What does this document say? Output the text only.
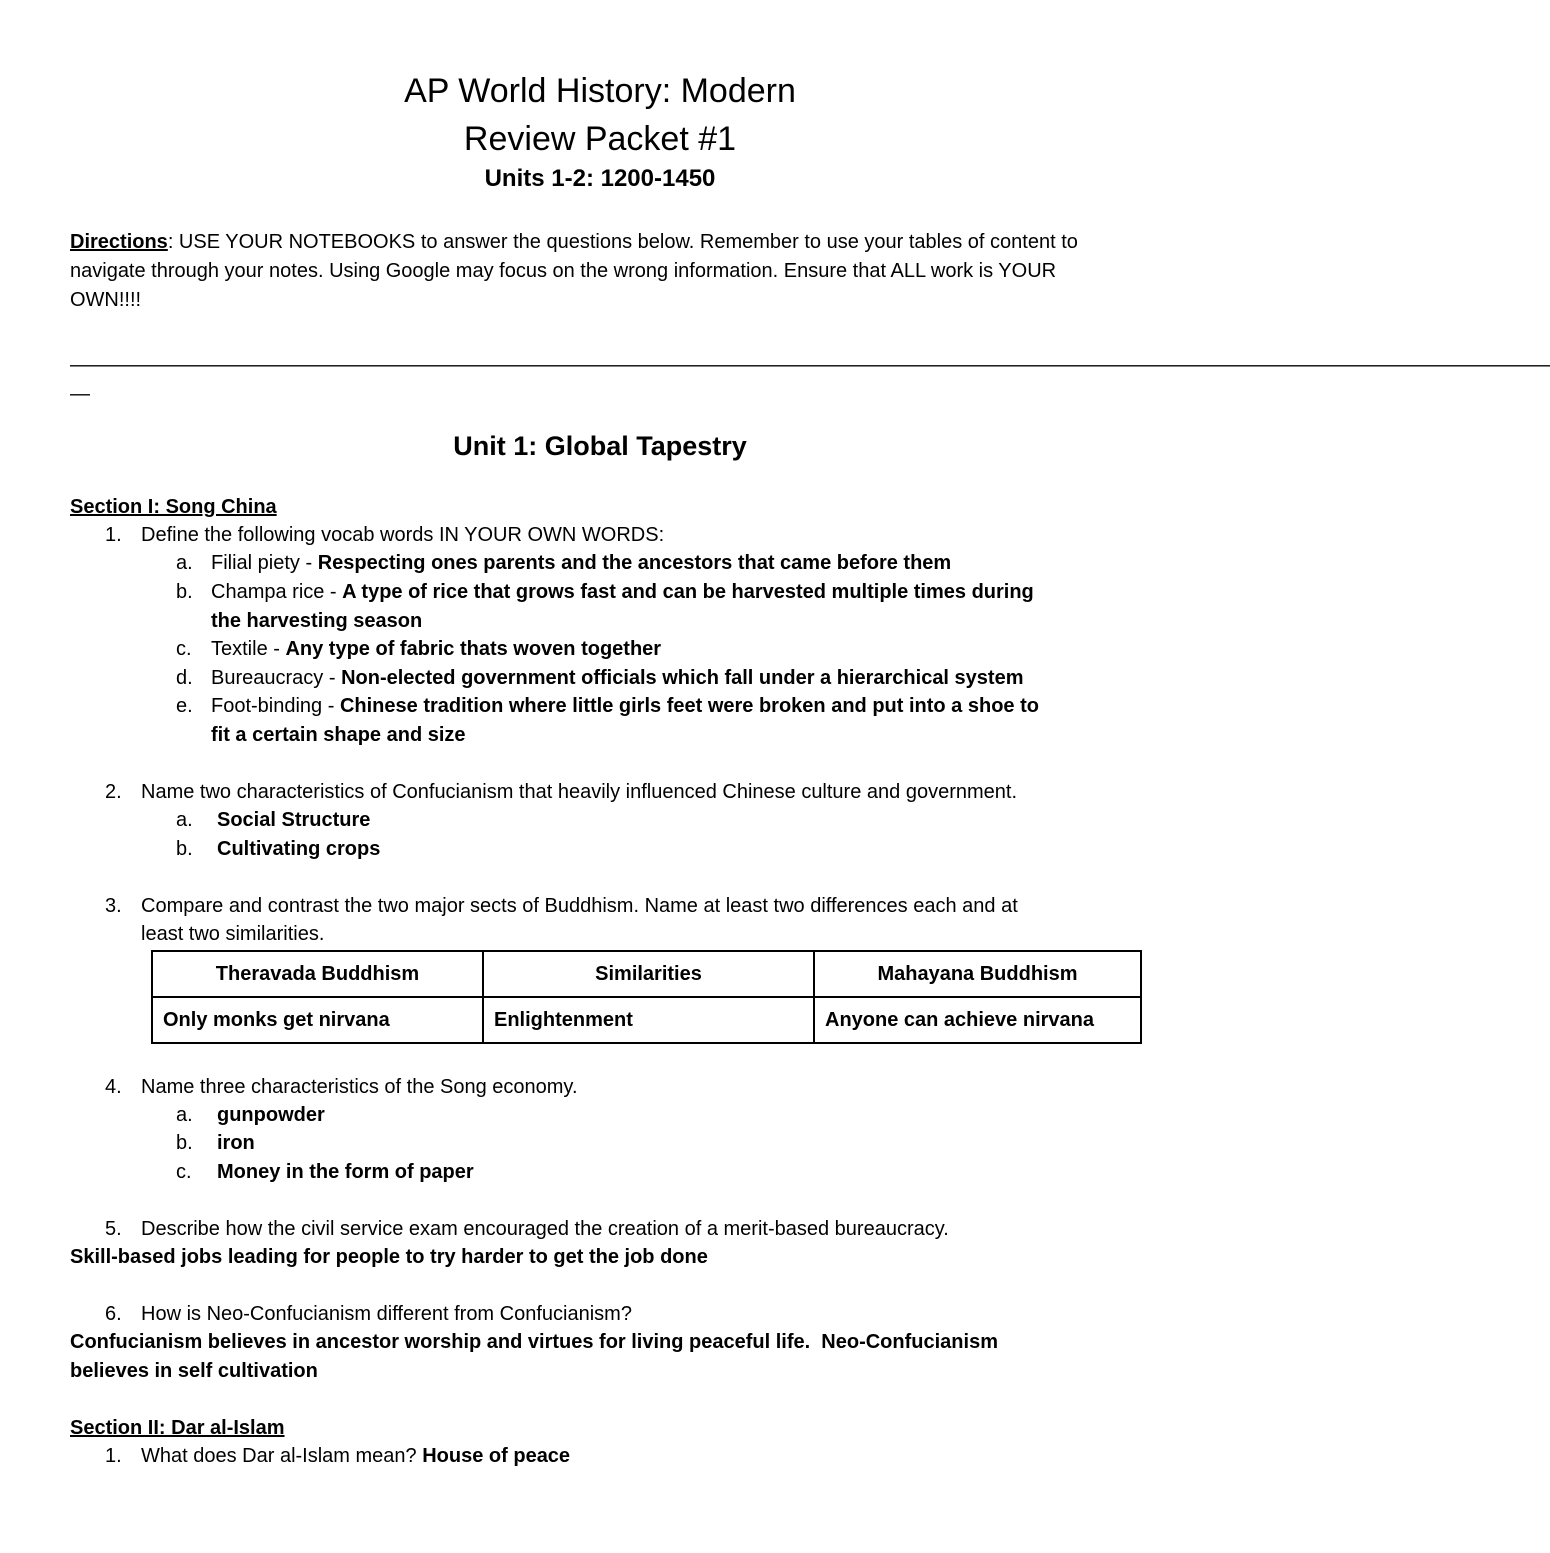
AP World History: Modern
Review Packet #1
Units 1-2: 1200-1450
Directions: USE YOUR NOTEBOOKS to answer the questions below. Remember to use your tables of content to navigate through your notes. Using Google may focus on the wrong information. Ensure that ALL work is YOUR OWN!!!!
——————————————————————————————————————————————————————————————————————————
—
Unit 1: Global Tapestry
Section I: Song China
1. Define the following vocab words IN YOUR OWN WORDS:
a. Filial piety - Respecting ones parents and the ancestors that came before them
b. Champa rice - A type of rice that grows fast and can be harvested multiple times during
the harvesting season
c. Textile - Any type of fabric thats woven together
d. Bureaucracy - Non-elected government officials which fall under a hierarchical system
e. Foot-binding - Chinese tradition where little girls feet were broken and put into a shoe to
fit a certain shape and size
2. Name two characteristics of Confucianism that heavily influenced Chinese culture and government.
a. Social Structure
b. Cultivating crops
3. Compare and contrast the two major sects of Buddhism. Name at least two differences each and at
least two similarities.
Theravada Buddhism	Similarities	Mahayana Buddhism
Only monks get nirvana	Enlightenment	Anyone can achieve nirvana
4. Name three characteristics of the Song economy.
a. gunpowder
b. iron
c. Money in the form of paper
5. Describe how the civil service exam encouraged the creation of a merit-based bureaucracy.
Skill-based jobs leading for people to try harder to get the job done
6. How is Neo-Confucianism different from Confucianism?
Confucianism believes in ancestor worship and virtues for living peaceful life.  Neo-Confucianism
believes in self cultivation
Section II: Dar al-Islam
1. What does Dar al-Islam mean? House of peace
